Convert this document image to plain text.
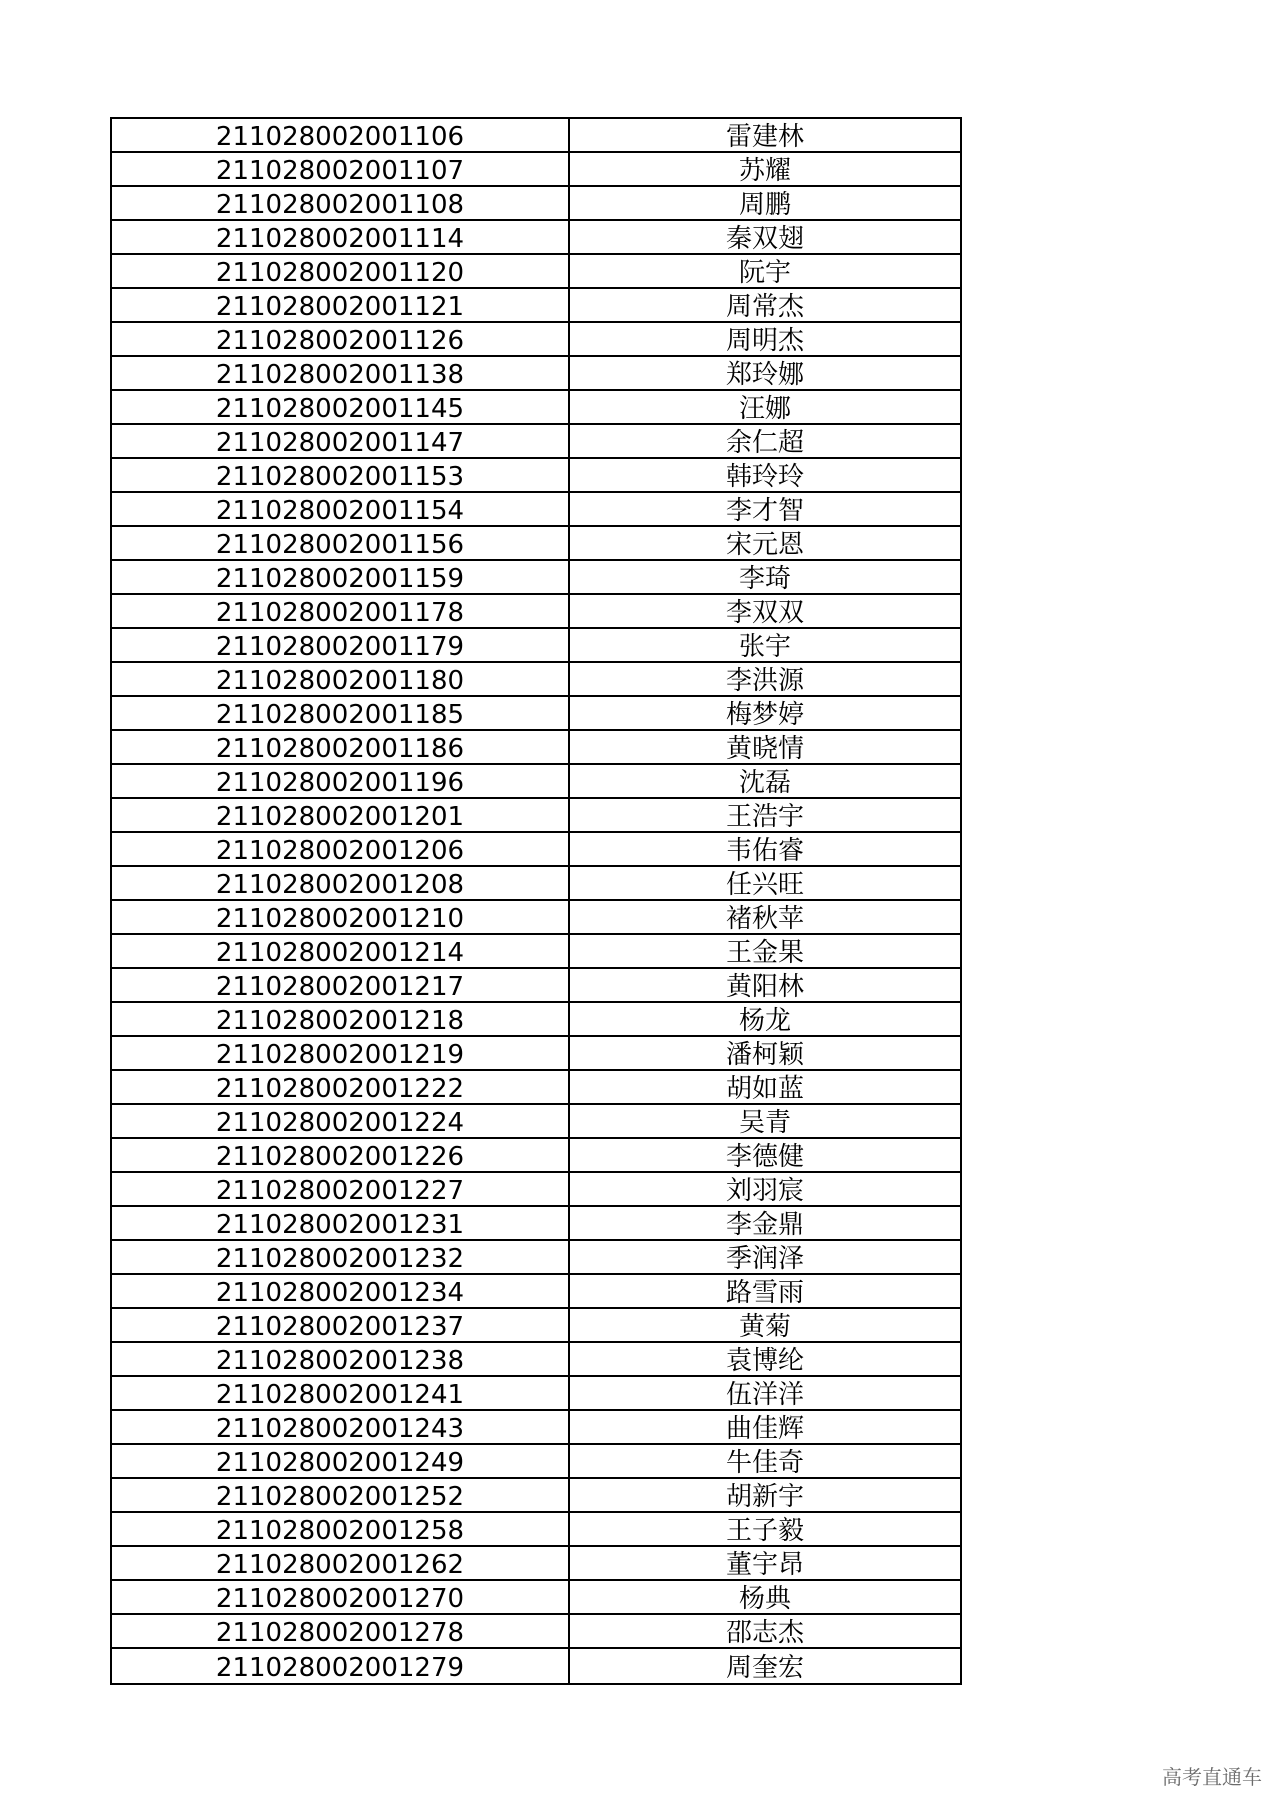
211028002001106	雷建林
211028002001107	苏耀
211028002001108	周鹏
211028002001114	秦双翅
211028002001120	阮宇
211028002001121	周常杰
211028002001126	周明杰
211028002001138	郑玲娜
211028002001145	汪娜
211028002001147	余仁超
211028002001153	韩玲玲
211028002001154	李才智
211028002001156	宋元恩
211028002001159	李琦
211028002001178	李双双
211028002001179	张宇
211028002001180	李洪源
211028002001185	梅梦婷
211028002001186	黄晓情
211028002001196	沈磊
211028002001201	王浩宇
211028002001206	韦佑睿
211028002001208	任兴旺
211028002001210	褚秋苹
211028002001214	王金果
211028002001217	黄阳林
211028002001218	杨龙
211028002001219	潘柯颖
211028002001222	胡如蓝
211028002001224	吴青
211028002001226	李德健
211028002001227	刘羽宸
211028002001231	李金鼎
211028002001232	季润泽
211028002001234	路雪雨
211028002001237	黄菊
211028002001238	袁博纶
211028002001241	伍洋洋
211028002001243	曲佳辉
211028002001249	牛佳奇
211028002001252	胡新宇
211028002001258	王子毅
211028002001262	董宇昂
211028002001270	杨典
211028002001278	邵志杰
211028002001279	周奎宏
高考直通车
